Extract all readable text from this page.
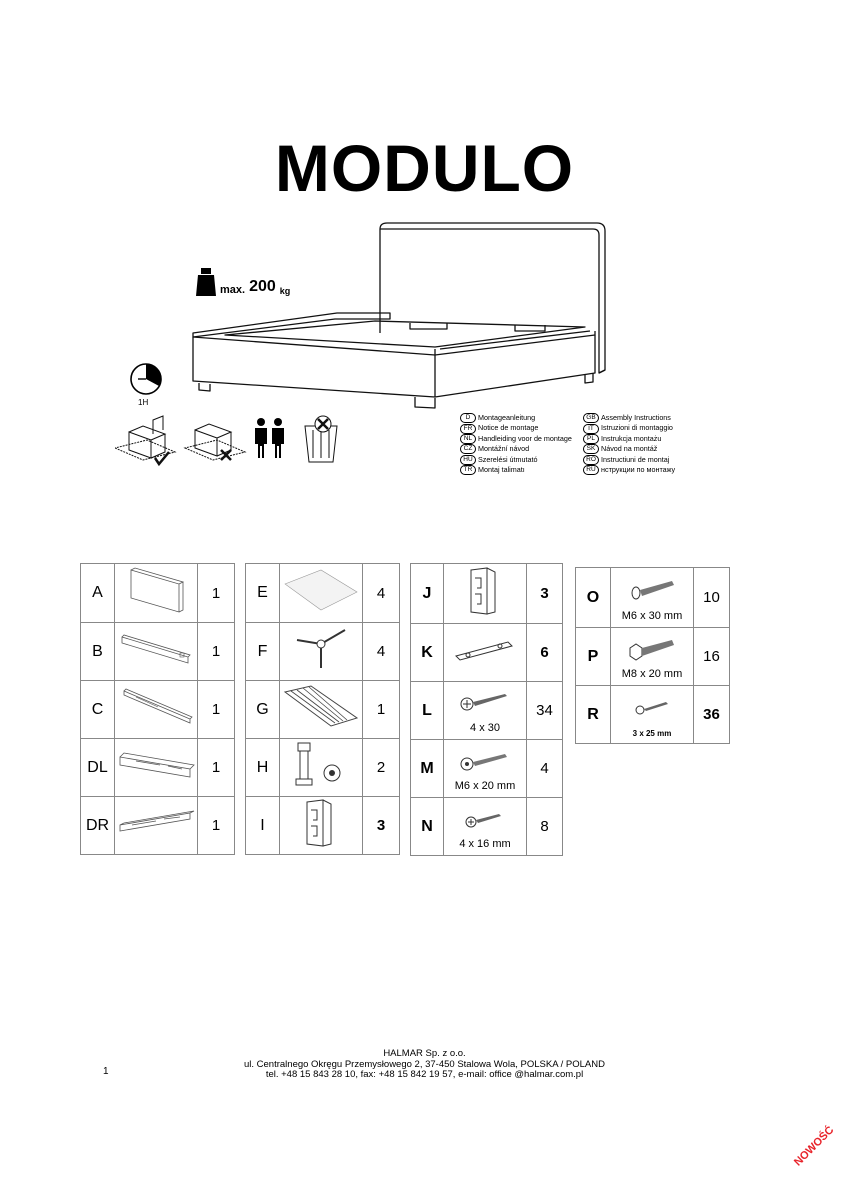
MODULO
max. 200 kg
1H
D	Montageanleitung
FR Notice de montage
NL Handleiding voor de montage
CZ Montážní návod
HU Szerelési útmutató
TR Montaj talimatı
GB Assembly Instructions
IT Istruzioni di montaggio
PL Instrukcja montażu
SK Návod na montáž
RO Instructiuni de montaj
RU нструкции по монтажу
A		1
B		1
C		1
DL		1
DR		1
E		4
F		4
G		1
H		2
I		3
J		3
K		6
L	4 x 30	34
M	M6 x 20 mm	4
N	4 x 16 mm	8
O	M6 x 30 mm	10
P	M8 x 20 mm	16
R	3 x 25 mm	36
1
HALMAR Sp. z o.o.
ul. Centralnego Okręgu Przemysłowego 2, 37-450 Stalowa Wola, POLSKA / POLAND
tel. +48 15 843 28 10, fax: +48 15 842 19 57, e-mail: office @halmar.com.pl
NOWOŚĆ
